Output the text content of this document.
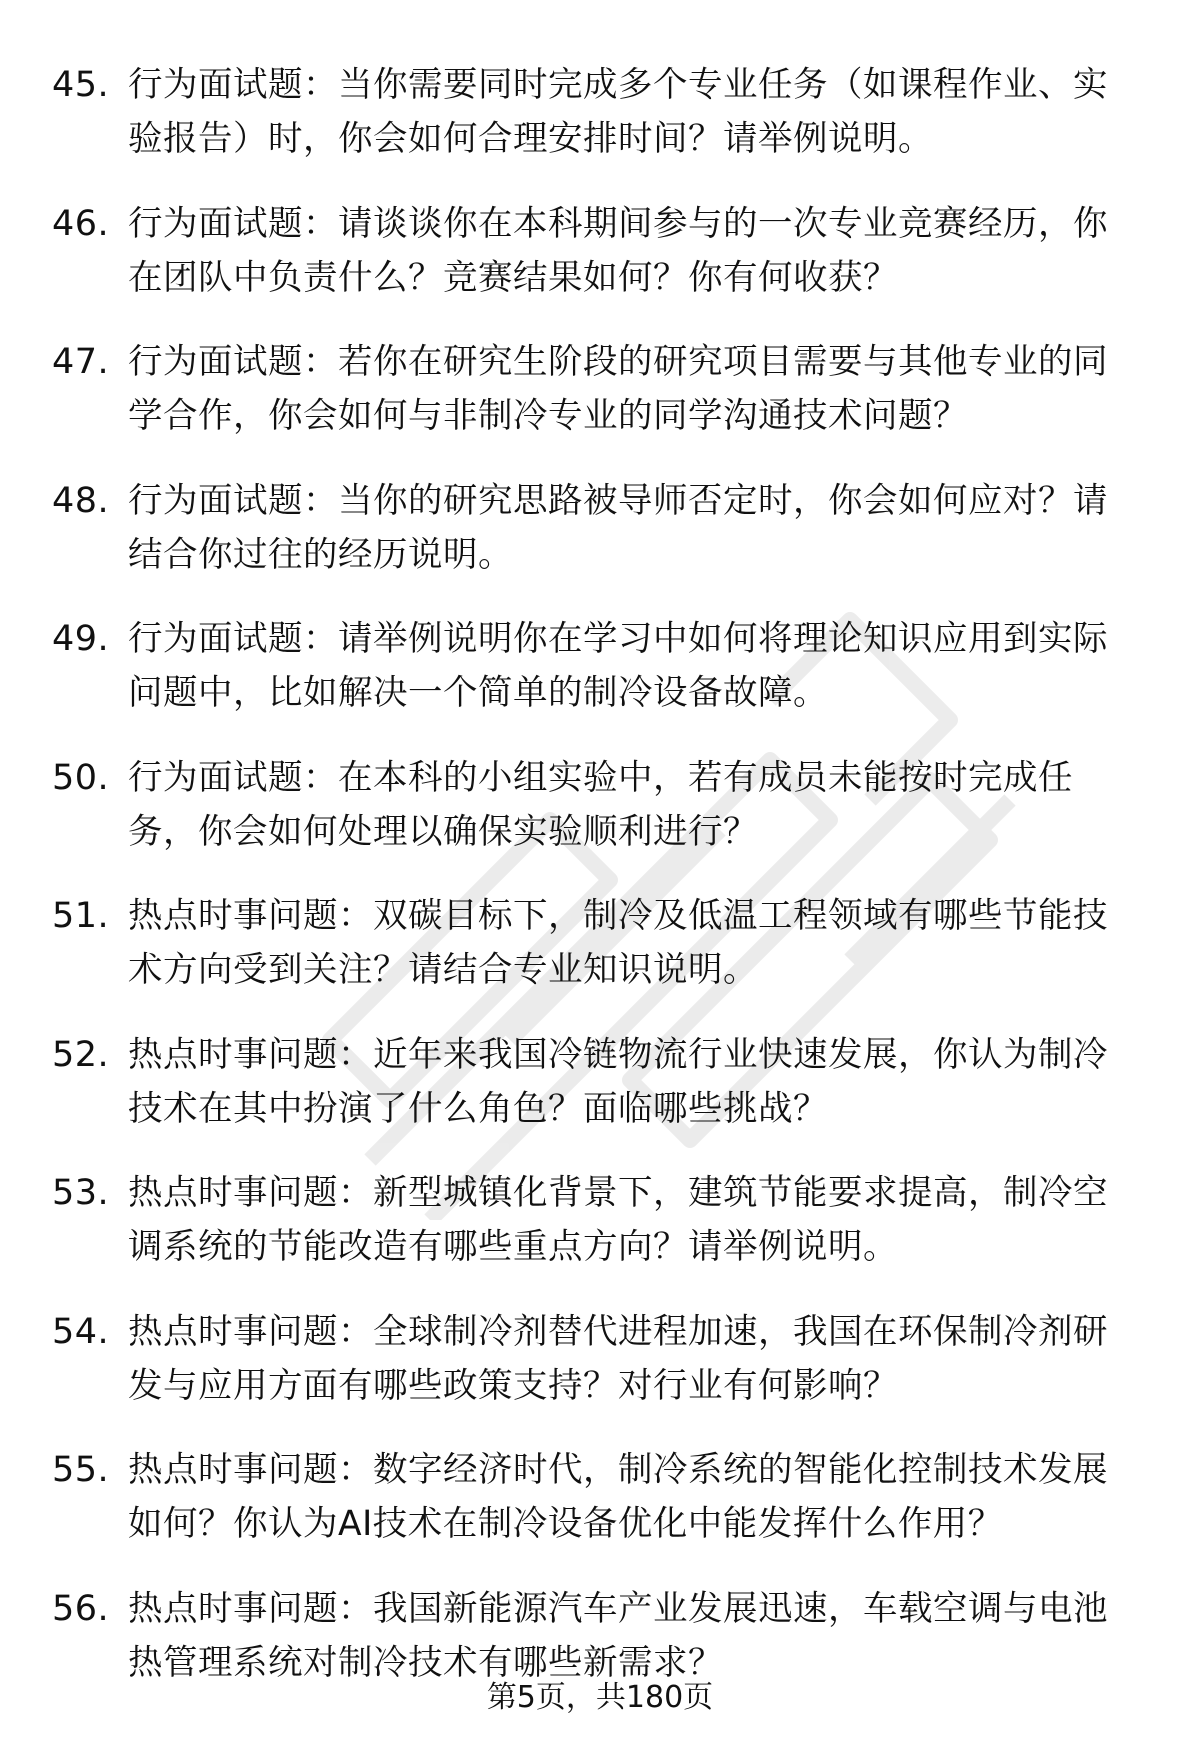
45. 行为面试题：当你需要同时完成多个专业任务（如课程作业、实验报告）时，你会如何合理安排时间？请举例说明。
46. 行为面试题：请谈谈你在本科期间参与的一次专业竞赛经历，你在团队中负责什么？竞赛结果如何？你有何收获？
47. 行为面试题：若你在研究生阶段的研究项目需要与其他专业的同学合作，你会如何与非制冷专业的同学沟通技术问题？
48. 行为面试题：当你的研究思路被导师否定时，你会如何应对？请结合你过往的经历说明。
49. 行为面试题：请举例说明你在学习中如何将理论知识应用到实际问题中，比如解决一个简单的制冷设备故障。
50. 行为面试题：在本科的小组实验中，若有成员未能按时完成任务，你会如何处理以确保实验顺利进行？
51. 热点时事问题：双碳目标下，制冷及低温工程领域有哪些节能技术方向受到关注？请结合专业知识说明。
52. 热点时事问题：近年来我国冷链物流行业快速发展，你认为制冷技术在其中扮演了什么角色？面临哪些挑战？
53. 热点时事问题：新型城镇化背景下，建筑节能要求提高，制冷空调系统的节能改造有哪些重点方向？请举例说明。
54. 热点时事问题：全球制冷剂替代进程加速，我国在环保制冷剂研发与应用方面有哪些政策支持？对行业有何影响？
55. 热点时事问题：数字经济时代，制冷系统的智能化控制技术发展如何？你认为AI技术在制冷设备优化中能发挥什么作用？
56. 热点时事问题：我国新能源汽车产业发展迅速，车载空调与电池热管理系统对制冷技术有哪些新需求？
第5页，共180页
